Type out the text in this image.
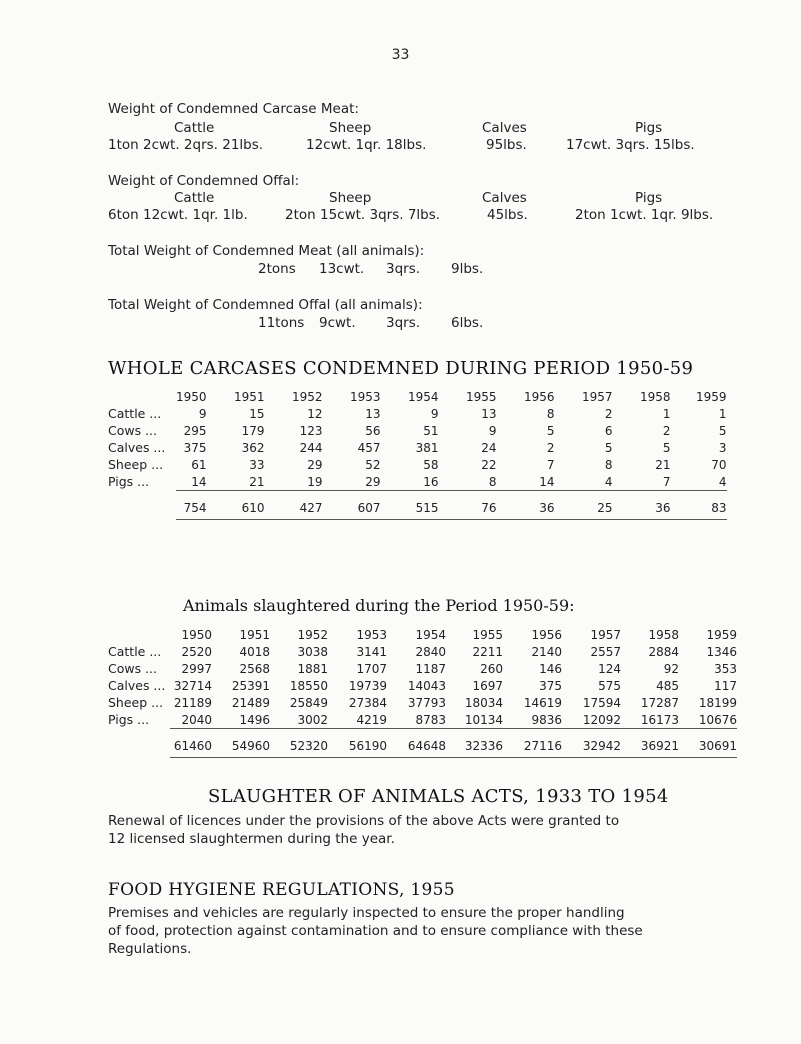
33
Weight of Condemned Carcase Meat:
Cattle	Sheep	Calves	Pigs
1ton 2cwt. 2qrs. 21lbs.	12cwt. 1qr. 18lbs.	95lbs.	17cwt. 3qrs. 15lbs.
Weight of Condemned Offal:
Cattle	Sheep	Calves	Pigs
6ton 12cwt. 1qr. 1lb.	2ton 15cwt. 3qrs. 7lbs.	45lbs.	2ton 1cwt. 1qr. 9lbs.
Total Weight of Condemned Meat (all animals):
2tons 13cwt. 3qrs. 9lbs.
Total Weight of Condemned Offal (all animals):
11tons 9cwt. 3qrs. 6lbs.
WHOLE CARCASES CONDEMNED DURING PERIOD 1950-59
	1950	1951	1952	1953	1954	1955	1956	1957	1958	1959
Cattle ...	9	15	12	13	9	13	8	2	1	1
Cows ...	295	179	123	56	51	9	5	6	2	5
Calves ...	375	362	244	457	381	24	2	5	5	3
Sheep ...	61	33	29	52	58	22	7	8	21	70
Pigs ...	14	21	19	29	16	8	14	4	7	4

	754	610	427	607	515	76	36	25	36	83
Animals slaughtered during the Period 1950-59:
	1950	1951	1952	1953	1954	1955	1956	1957	1958	1959
Cattle ...	2520	4018	3038	3141	2840	2211	2140	2557	2884	1346
Cows ...	2997	2568	1881	1707	1187	260	146	124	92	353
Calves ...	32714	25391	18550	19739	14043	1697	375	575	485	117
Sheep ...	21189	21489	25849	27384	37793	18034	14619	17594	17287	18199
Pigs ...	2040	1496	3002	4219	8783	10134	9836	12092	16173	10676

	61460	54960	52320	56190	64648	32336	27116	32942	36921	30691
SLAUGHTER OF ANIMALS ACTS, 1933 TO 1954
Renewal of licences under the provisions of the above Acts were granted to
12 licensed slaughtermen during the year.
FOOD HYGIENE REGULATIONS, 1955
Premises and vehicles are regularly inspected to ensure the proper handling
of food, protection against contamination and to ensure compliance with these
Regulations.
